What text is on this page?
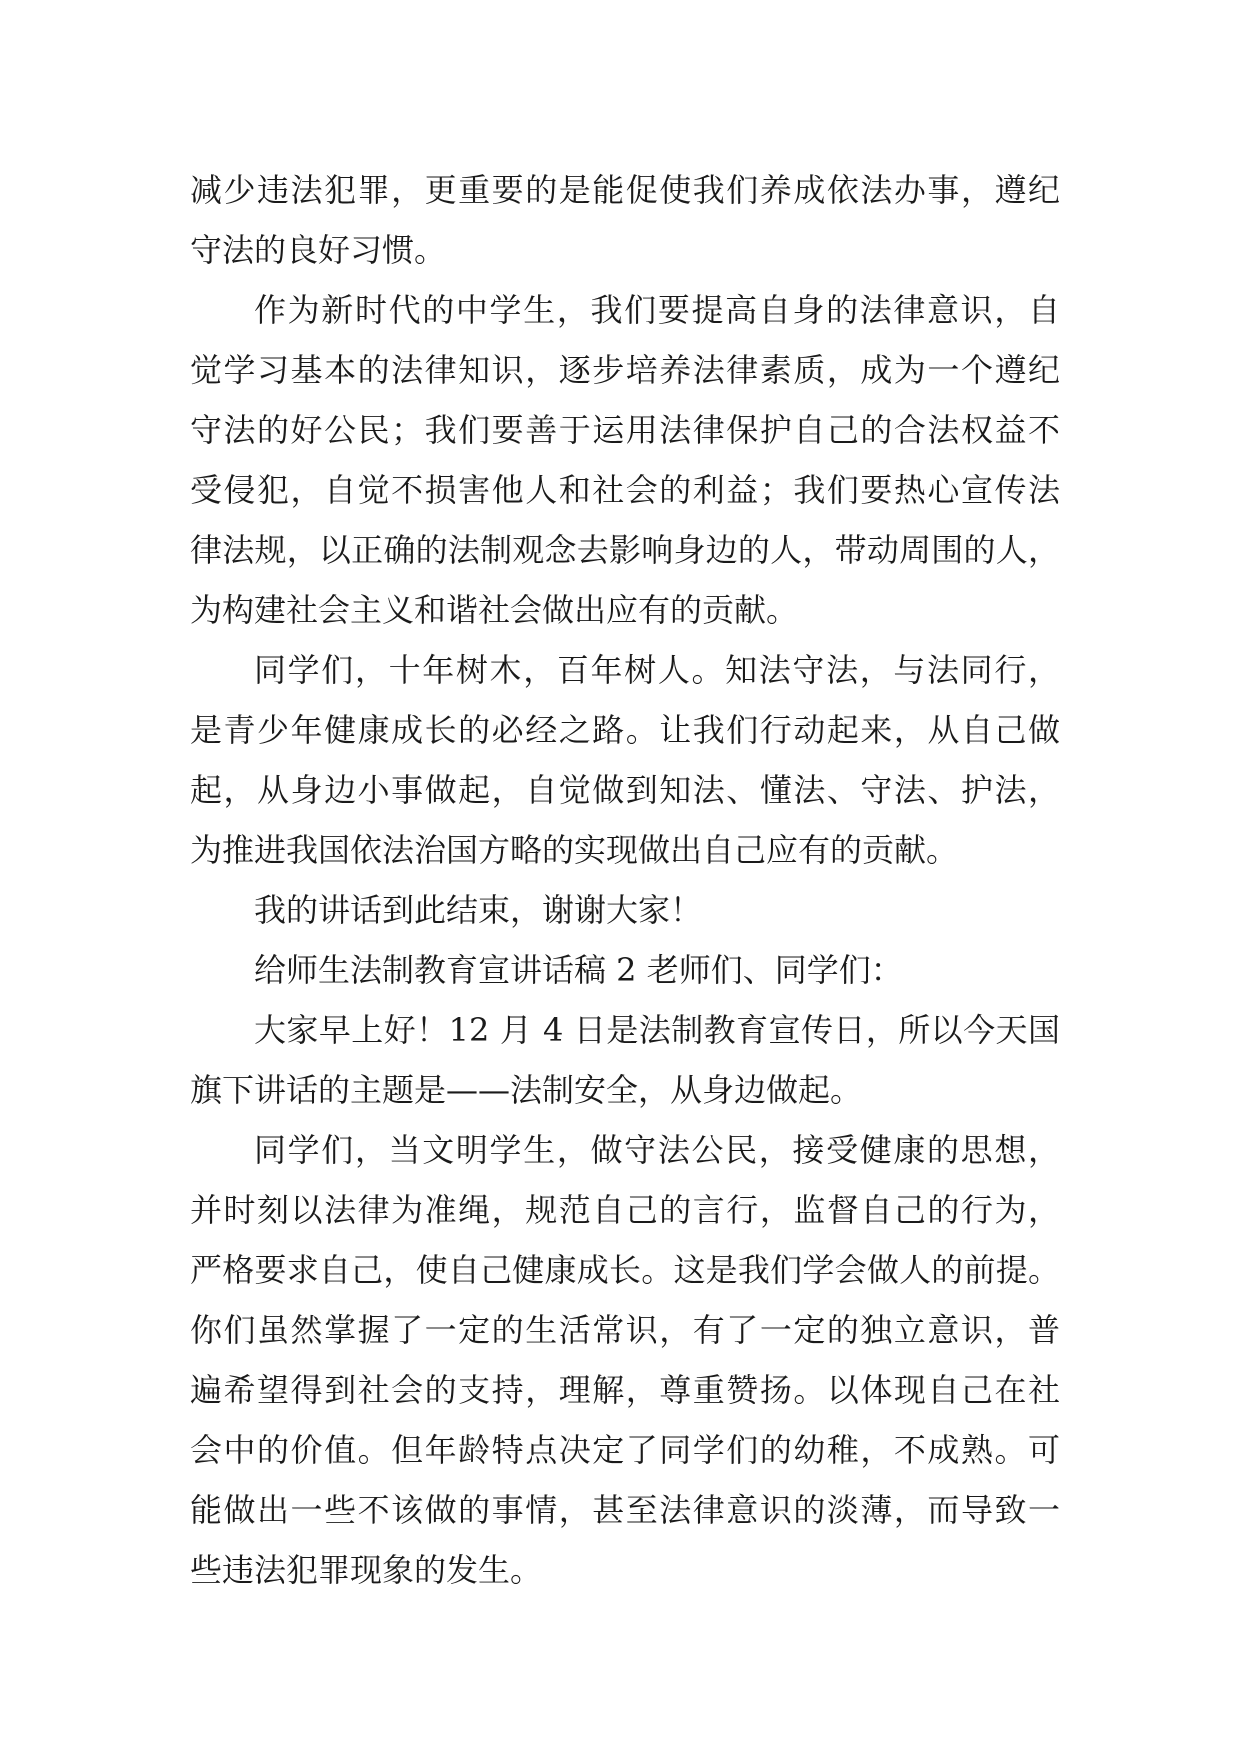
减少违法犯罪，更重要的是能促使我们养成依法办事，遵纪
守法的良好习惯。
作为新时代的中学生，我们要提高自身的法律意识，自
觉学习基本的法律知识，逐步培养法律素质，成为一个遵纪
守法的好公民；我们要善于运用法律保护自己的合法权益不
受侵犯，自觉不损害他人和社会的利益；我们要热心宣传法
律法规，以正确的法制观念去影响身边的人，带动周围的人，
为构建社会主义和谐社会做出应有的贡献。
同学们，十年树木，百年树人。知法守法，与法同行，
是青少年健康成长的必经之路。让我们行动起来，从自己做
起，从身边小事做起，自觉做到知法、懂法、守法、护法，
为推进我国依法治国方略的实现做出自己应有的贡献。
我的讲话到此结束，谢谢大家！
给师生法制教育宣讲话稿 2 老师们、同学们：
大家早上好！12 月 4 日是法制教育宣传日，所以今天国
旗下讲话的主题是——法制安全，从身边做起。
同学们，当文明学生，做守法公民，接受健康的思想，
并时刻以法律为准绳，规范自己的言行，监督自己的行为，
严格要求自己，使自己健康成长。这是我们学会做人的前提。
你们虽然掌握了一定的生活常识，有了一定的独立意识，普
遍希望得到社会的支持，理解，尊重赞扬。以体现自己在社
会中的价值。但年龄特点决定了同学们的幼稚，不成熟。可
能做出一些不该做的事情，甚至法律意识的淡薄，而导致一
些违法犯罪现象的发生。
